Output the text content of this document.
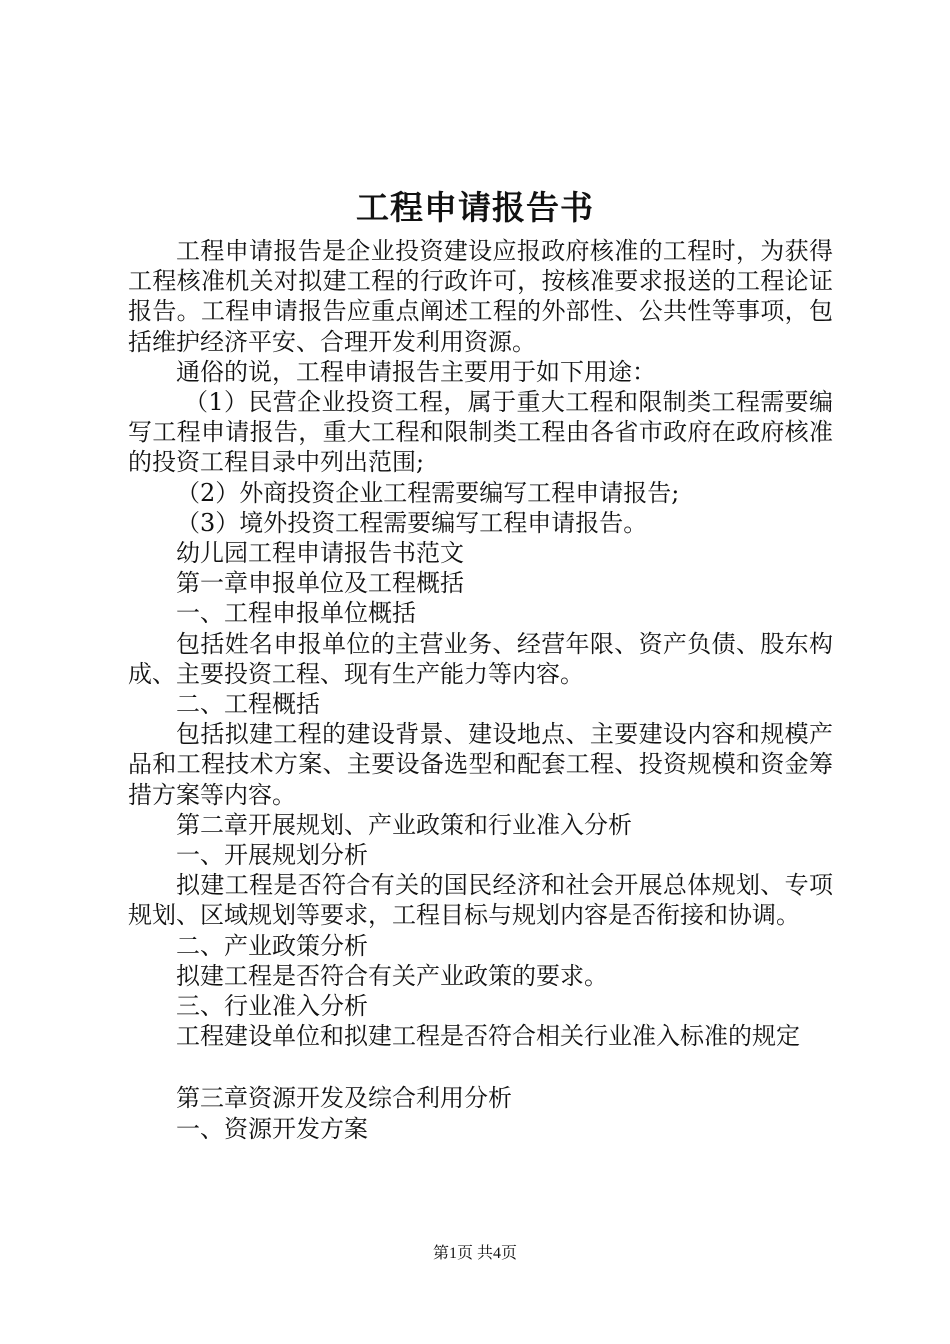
工程申请报告书

工程申请报告是企业投资建设应报政府核准的工程时，为获得工程核准机关对拟建工程的行政许可，按核准要求报送的工程论证报告。工程申请报告应重点阐述工程的外部性、公共性等事项，包括维护经济平安、合理开发利用资源。

通俗的说，工程申请报告主要用于如下用途：

（1）民营企业投资工程，属于重大工程和限制类工程需要编写工程申请报告，重大工程和限制类工程由各省市政府在政府核准的投资工程目录中列出范围;

（2）外商投资企业工程需要编写工程申请报告;

（3）境外投资工程需要编写工程申请报告。

幼儿园工程申请报告书范文

第一章申报单位及工程概括

一、工程申报单位概括

包括姓名申报单位的主营业务、经营年限、资产负债、股东构成、主要投资工程、现有生产能力等内容。

二、工程概括

包括拟建工程的建设背景、建设地点、主要建设内容和规模产品和工程技术方案、主要设备选型和配套工程、投资规模和资金筹措方案等内容。

第二章开展规划、产业政策和行业准入分析

一、开展规划分析

拟建工程是否符合有关的国民经济和社会开展总体规划、专项规划、区域规划等要求，工程目标与规划内容是否衔接和协调。

二、产业政策分析

拟建工程是否符合有关产业政策的要求。

三、行业准入分析

工程建设单位和拟建工程是否符合相关行业准入标准的规定

第三章资源开发及综合利用分析

一、资源开发方案

第1页 共4页
